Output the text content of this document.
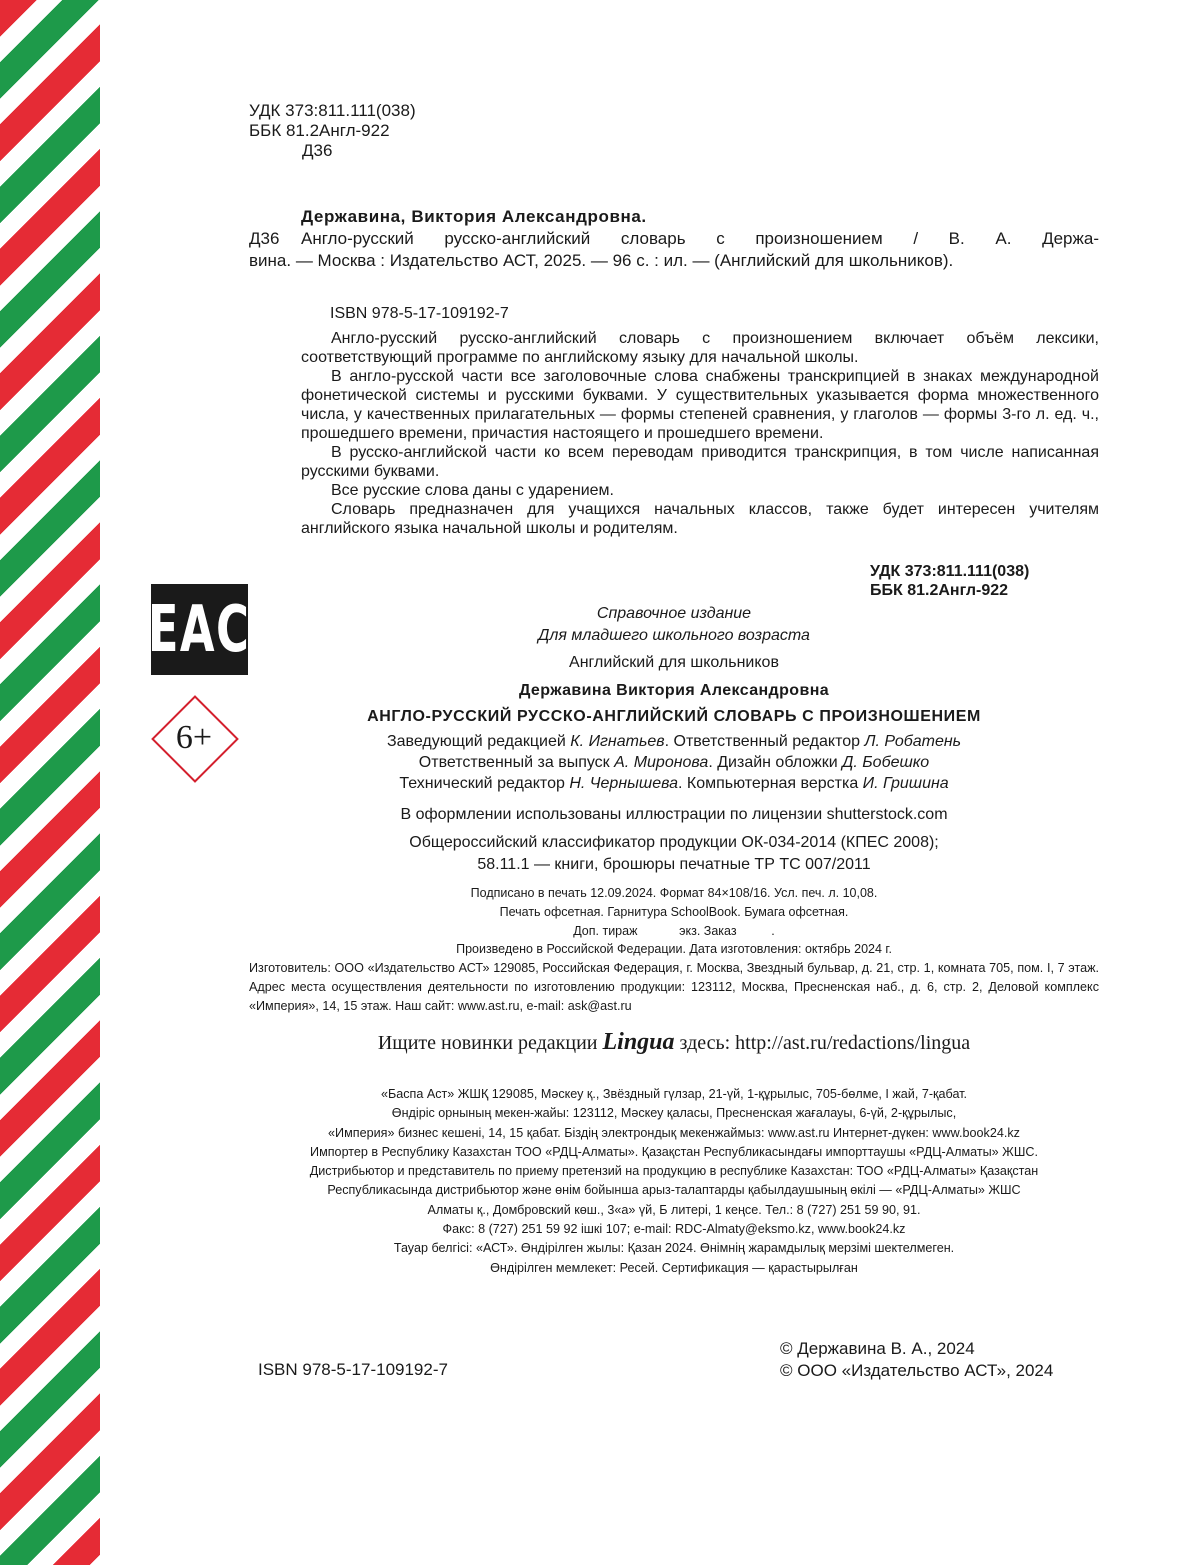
УДК 373:811.111(038)
ББК 81.2Англ-922
Д36
Державина, Виктория Александровна.
Д36 Англо-русский русско-английский словарь с произношением / В. А. Держа-
вина. — Москва : Издательство АСТ, 2025. — 96 с. : ил. — (Английский для школьников).
ISBN 978-5-17-109192-7

Англо-русский русско-английский словарь с произношением включает объём лексики, соответствующий программе по английскому языку для начальной школы.

В англо-русской части все заголовочные слова снабжены транскрипцией в знаках международной фонетической системы и русскими буквами. У существительных указывается форма множественного числа, у качественных прилагательных — формы степеней сравнения, у глаголов — формы 3-го л. ед. ч., прошедшего времени, причастия настоящего и прошедшего времени.

В русско-английской части ко всем переводам приводится транскрипция, в том числе написанная русскими буквами.

Все русские слова даны с ударением.

Словарь предназначен для учащихся начальных классов, также будет интересен учителям английского языка начальной школы и родителям.

УДК 373:811.111(038)
ББК 81.2Англ-922
EAC
6+
Справочное издание
Для младшего школьного возраста
Английский для школьников
Державина Виктория Александровна
АНГЛО-РУССКИЙ РУССКО-АНГЛИЙСКИЙ СЛОВАРЬ С ПРОИЗНОШЕНИЕМ
Заведующий редакцией К. Игнатьев. Ответственный редактор Л. Робатень
Ответственный за выпуск А. Миронова. Дизайн обложки Д. Бобешко
Технический редактор Н. Чернышева. Компьютерная верстка И. Гришина
В оформлении использованы иллюстрации по лицензии shutterstock.com
Общероссийский классификатор продукции ОК-034-2014 (КПЕС 2008);
58.11.1 — книги, брошюры печатные ТР ТС 007/2011
Подписано в печать 12.09.2024. Формат 84×108/16. Усл. печ. л. 10,08.
Печать офсетная. Гарнитура SchoolBook. Бумага офсетная.
Доп. тираж            экз. Заказ          .
Произведено в Российской Федерации. Дата изготовления: октябрь 2024 г.
Изготовитель: ООО «Издательство АСТ» 129085, Российская Федерация, г. Москва, Звездный бульвар, д. 21, стр. 1, комната 705, пом. I, 7 этаж. Адрес места осуществления деятельности по изготовлению продукции: 123112, Москва, Пресненская наб., д. 6, стр. 2, Деловой комплекс «Империя», 14, 15 этаж. Наш сайт: www.ast.ru, e-mail: ask@ast.ru
Ищите новинки редакции Lingua здесь: http://ast.ru/redactions/lingua
«Баспа Аст» ЖШҚ 129085, Мәскеу қ., Звёздный гүлзар, 21-үй, 1-құрылыс, 705-бөлме, I жай, 7-қабат.
Өндіріс орнының мекен-жайы: 123112, Мәскеу қаласы, Пресненская жағалауы, 6-үй, 2-құрылыс,
«Империя» бизнес кешені, 14, 15 қабат. Біздің электрондық мекенжаймыз: www.ast.ru Интернет-дүкен: www.book24.kz
Импортер в Республику Казахстан ТОО «РДЦ-Алматы». Қазақстан Республикасындағы импорттаушы «РДЦ-Алматы» ЖШС.
Дистрибьютор и представитель по приему претензий на продукцию в республике Казахстан: ТОО «РДЦ-Алматы» Қазақстан
Республикасында дистрибьютор және өнім бойынша арыз-талаптарды қабылдаушының өкілі — «РДЦ-Алматы» ЖШС
Алматы қ., Домбровский көш., 3«а» үй, Б литері, 1 кеңсе. Тел.: 8 (727) 251 59 90, 91.
Факс: 8 (727) 251 59 92 ішкі 107; e-mail: RDC-Almaty@eksmo.kz, www.book24.kz
Тауар белгісі: «АСТ». Өндірілген жылы: Қазан 2024. Өнімнің жарамдылық мерзімі шектелмеген.
Өндірілген мемлекет: Ресей. Сертификация — қарастырылған
ISBN 978-5-17-109192-7
© Державина В. А., 2024
© ООО «Издательство АСТ», 2024
